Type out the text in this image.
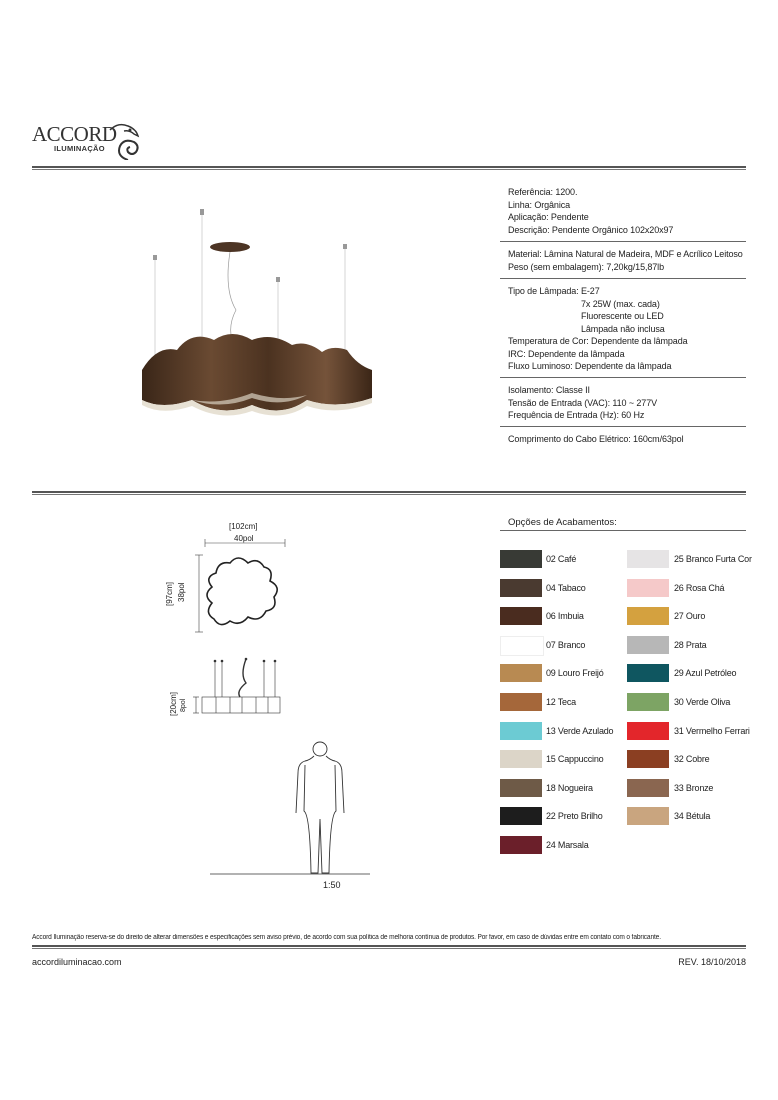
ACCORD
ILUMINAÇÃO
Referência: 1200.
Linha: Orgânica
Aplicação: Pendente
Descrição: Pendente Orgânico 102x20x97
Material: Lâmina Natural de Madeira, MDF e Acrílico Leitoso
Peso (sem embalagem): 7,20kg/15,87lb
Tipo de Lâmpada: E-27
7x 25W (max. cada)
Fluorescente ou LED
Lâmpada não inclusa
Temperatura de Cor: Dependente da lâmpada
IRC: Dependente da lâmpada
Fluxo Luminoso: Dependente da lâmpada
Isolamento: Classe II
Tensão de Entrada (VAC): 110 ~ 277V
Frequência de Entrada (Hz): 60 Hz
Comprimento do Cabo Elétrico: 160cm/63pol
[102cm]
40pol
[97cm] 38pol
[20cm] 8pol
1:50
Opções de Acabamentos:
02 Café
04 Tabaco
06 Imbuia
07 Branco
09 Louro Freijó
12 Teca
13 Verde Azulado
15 Cappuccino
18 Nogueira
22 Preto Brilho
24 Marsala
25 Branco Furta Cor
26 Rosa Chá
27 Ouro
28 Prata
29 Azul Petróleo
30 Verde Oliva
31 Vermelho Ferrari
32 Cobre
33 Bronze
34 Bétula
Accord Iluminação reserva-se do direito de alterar dimensões e especificações sem aviso prévio, de acordo com sua política de melhoria contínua de produtos. Por favor, em caso de dúvidas entre em contato com o fabricante.
accordiluminacao.com	REV. 18/10/2018
